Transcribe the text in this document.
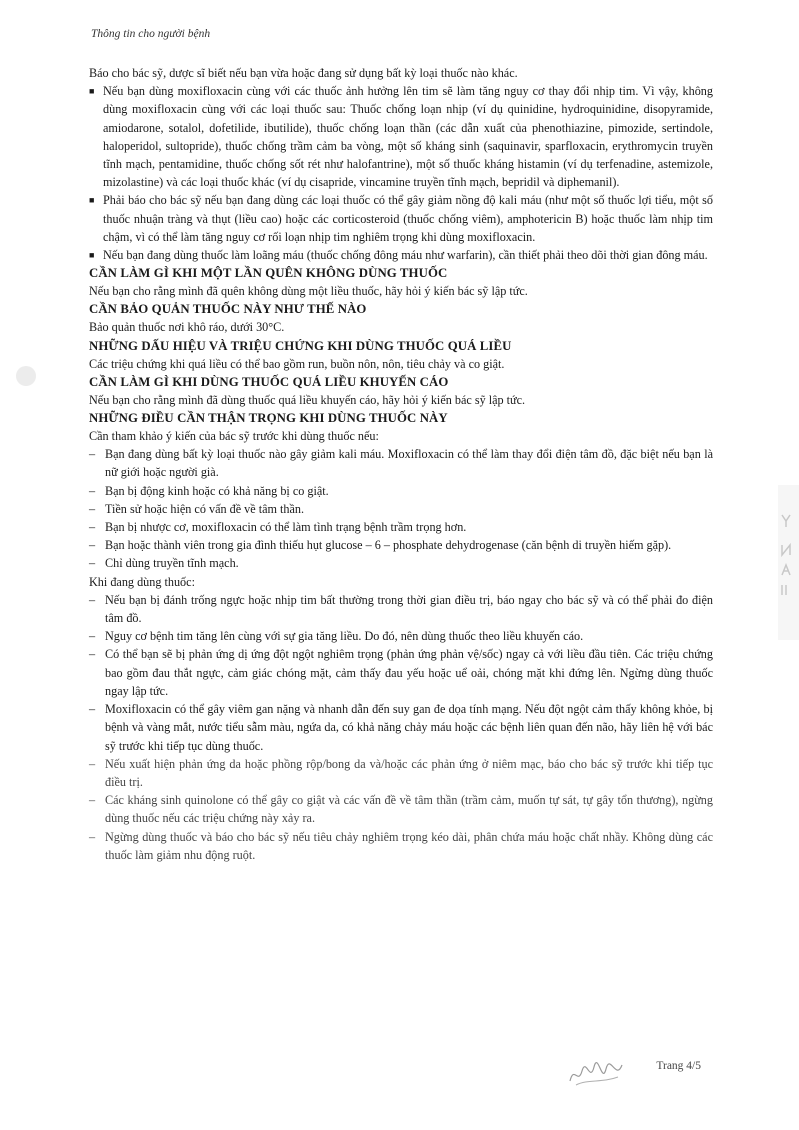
Thông tin cho người bệnh

Báo cho bác sỹ, dược sĩ biết nếu bạn vừa hoặc đang sử dụng bất kỳ loại thuốc nào khác.

■ Nếu bạn dùng moxifloxacin cùng với các thuốc ảnh hưởng lên tim sẽ làm tăng nguy cơ thay đổi nhịp tim. Vì vậy, không dùng moxifloxacin cùng với các loại thuốc sau: Thuốc chống loạn nhịp (ví dụ quinidine, hydroquinidine, disopyramide, amiodarone, sotalol, dofetilide, ibutilide), thuốc chống loạn thần (các dẫn xuất của phenothiazine, pimozide, sertindole, haloperidol, sultopride), thuốc chống trầm cảm ba vòng, một số kháng sinh (saquinavir, sparfloxacin, erythromycin truyền tĩnh mạch, pentamidine, thuốc chống sốt rét như halofantrine), một số thuốc kháng histamin (ví dụ terfenadine, astemizole, mizolastine) và các loại thuốc khác (ví dụ cisapride, vincamine truyền tĩnh mạch, bepridil và diphemanil).
■ Phải báo cho bác sỹ nếu bạn đang dùng các loại thuốc có thể gây giảm nồng độ kali máu (như một số thuốc lợi tiểu, một số thuốc nhuận tràng và thụt (liều cao) hoặc các corticosteroid (thuốc chống viêm), amphotericin B) hoặc thuốc làm nhịp tim chậm, vì có thể làm tăng nguy cơ rối loạn nhịp tim nghiêm trọng khi dùng moxifloxacin.
■ Nếu bạn đang dùng thuốc làm loãng máu (thuốc chống đông máu như warfarin), cần thiết phải theo dõi thời gian đông máu.
CẦN LÀM GÌ KHI MỘT LẦN QUÊN KHÔNG DÙNG THUỐC

Nếu bạn cho rằng mình đã quên không dùng một liều thuốc, hãy hỏi ý kiến bác sỹ lập tức.

CẦN BẢO QUẢN THUỐC NÀY NHƯ THẾ NÀO

Bảo quản thuốc nơi khô ráo, dưới 30°C.

NHỮNG DẤU HIỆU VÀ TRIỆU CHỨNG KHI DÙNG THUỐC QUÁ LIỀU

Các triệu chứng khi quá liều có thể bao gồm run, buồn nôn, nôn, tiêu chảy và co giật.

CẦN LÀM GÌ KHI DÙNG THUỐC QUÁ LIỀU KHUYẾN CÁO

Nếu bạn cho rằng mình đã dùng thuốc quá liều khuyến cáo, hãy hỏi ý kiến bác sỹ lập tức.

NHỮNG ĐIỀU CẦN THẬN TRỌNG KHI DÙNG THUỐC NÀY

Cần tham khảo ý kiến của bác sỹ trước khi dùng thuốc nếu:

– Bạn đang dùng bất kỳ loại thuốc nào gây giảm kali máu. Moxifloxacin có thể làm thay đổi điện tâm đồ, đặc biệt nếu bạn là nữ giới hoặc người già.
– Bạn bị động kinh hoặc có khả năng bị co giật.
– Tiền sử hoặc hiện có vấn đề về tâm thần.
– Bạn bị nhược cơ, moxifloxacin có thể làm tình trạng bệnh trầm trọng hơn.
– Bạn hoặc thành viên trong gia đình thiếu hụt glucose – 6 – phosphate dehydrogenase (căn bệnh di truyền hiếm gặp).
– Chỉ dùng truyền tĩnh mạch.

Khi đang dùng thuốc:

– Nếu bạn bị đánh trống ngực hoặc nhịp tim bất thường trong thời gian điều trị, báo ngay cho bác sỹ và có thể phải đo điện tâm đồ.
– Nguy cơ bệnh tim tăng lên cùng với sự gia tăng liều. Do đó, nên dùng thuốc theo liều khuyến cáo.
– Có thể bạn sẽ bị phản ứng dị ứng đột ngột nghiêm trọng (phản ứng phản vệ/sốc) ngay cả với liều đầu tiên. Các triệu chứng bao gồm đau thắt ngực, cảm giác chóng mặt, cảm thấy đau yếu hoặc uể oải, chóng mặt khi đứng lên. Ngừng dùng thuốc ngay lập tức.
– Moxifloxacin có thể gây viêm gan nặng và nhanh dẫn đến suy gan đe dọa tính mạng. Nếu đột ngột cảm thấy không khỏe, bị bệnh và vàng mắt, nước tiểu sẫm màu, ngứa da, có khả năng chảy máu hoặc các bệnh liên quan đến não, hãy liên hệ với bác sỹ trước khi tiếp tục dùng thuốc.
– Nếu xuất hiện phản ứng da hoặc phồng rộp/bong da và/hoặc các phản ứng ở niêm mạc, báo cho bác sỹ trước khi tiếp tục điều trị.
– Các kháng sinh quinolone có thể gây co giật và các vấn đề về tâm thần (trầm cảm, muốn tự sát, tự gây tổn thương), ngừng dùng thuốc nếu các triệu chứng này xảy ra.
– Ngừng dùng thuốc và báo cho bác sỹ nếu tiêu chảy nghiêm trọng kéo dài, phân chứa máu hoặc chất nhầy. Không dùng các thuốc làm giảm nhu động ruột.
Trang 4/5
